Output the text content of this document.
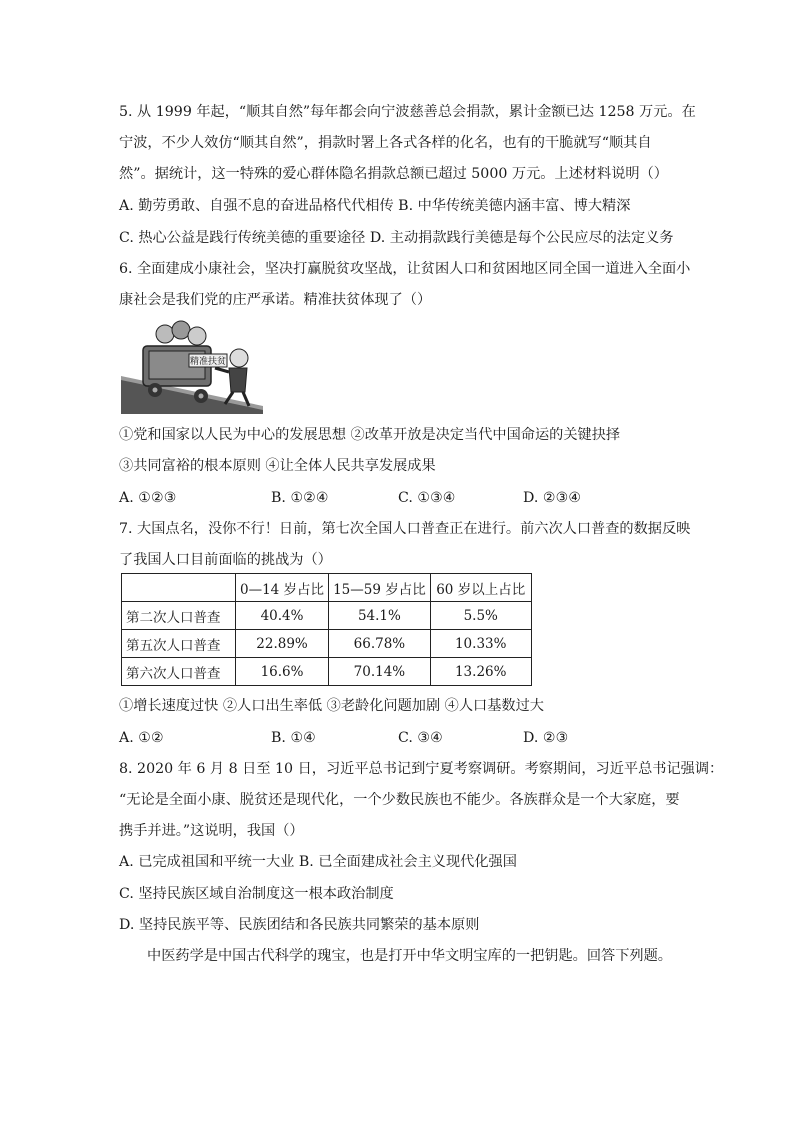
5. 从 1999 年起，“顺其自然”每年都会向宁波慈善总会捐款，累计金额已达 1258 万元。在
宁波，不少人效仿“顺其自然”，捐款时署上各式各样的化名，也有的干脆就写“顺其自
然”。据统计，这一特殊的爱心群体隐名捐款总额已超过 5000 万元。上述材料说明（）
A. 勤劳勇敢、自强不息的奋进品格代代相传 B. 中华传统美德内涵丰富、博大精深
C. 热心公益是践行传统美德的重要途径 D. 主动捐款践行美德是每个公民应尽的法定义务
6. 全面建成小康社会，坚决打赢脱贫攻坚战，让贫困人口和贫困地区同全国一道进入全面小
康社会是我们党的庄严承诺。精准扶贫体现了（）
精准扶贫
①党和国家以人民为中心的发展思想 ②改革开放是决定当代中国命运的关键抉择
③共同富裕的根本原则 ④让全体人民共享发展成果
A. ①②③	B. ①②④	C. ①③④	D. ②③④
7. 大国点名，没你不行！日前，第七次全国人口普查正在进行。前六次人口普查的数据反映
了我国人口目前面临的挑战为（）
	0—14 岁占比	15—59 岁占比	60 岁以上占比
第二次人口普查	40.4%	54.1%	5.5%
第五次人口普查	22.89%	66.78%	10.33%
第六次人口普查	16.6%	70.14%	13.26%
①增长速度过快 ②人口出生率低 ③老龄化问题加剧 ④人口基数过大
A. ①②	B. ①④	C. ③④	D. ②③
8. 2020 年 6 月 8 日至 10 日，习近平总书记到宁夏考察调研。考察期间，习近平总书记强调：
“无论是全面小康、脱贫还是现代化，一个少数民族也不能少。各族群众是一个大家庭，要
携手并进。”这说明，我国（）
A. 已完成祖国和平统一大业 B. 已全面建成社会主义现代化强国
C. 坚持民族区域自治制度这一根本政治制度
D. 坚持民族平等、民族团结和各民族共同繁荣的基本原则
中医药学是中国古代科学的瑰宝，也是打开中华文明宝库的一把钥匙。回答下列题。
